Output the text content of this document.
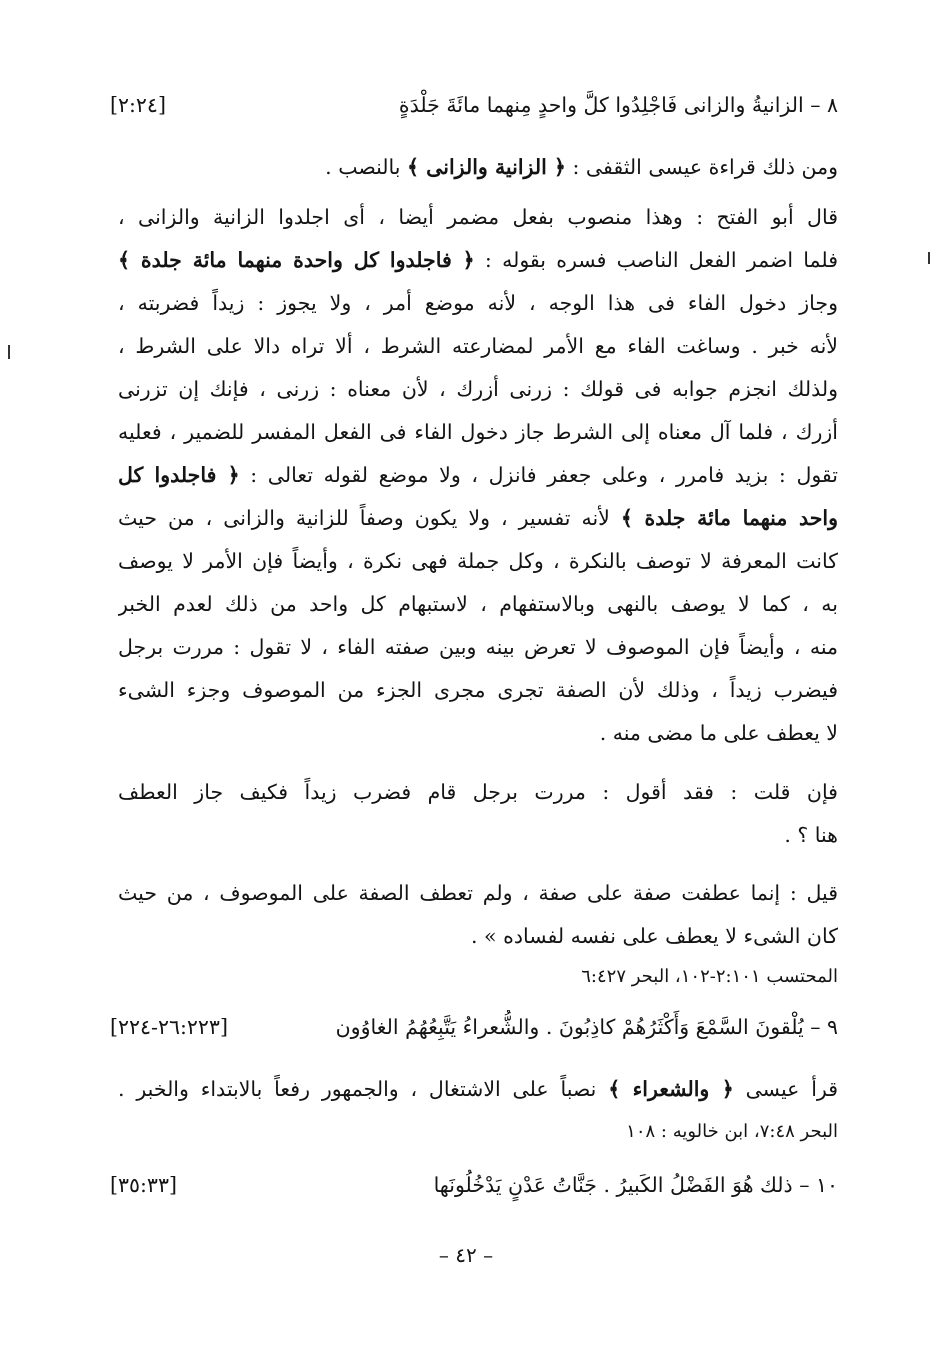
٨ – الزانيةُ والزانى فَاجْلِدُوا كلَّ واحدٍ مِنهما مائَةَ جَلْدَةٍ
[٢:٢٤]
ومن ذلك قراءة عيسى الثقفى : ﴿ الزانية والزانى ﴾ بالنصب .
قال أبو الفتح : وهذا منصوب بفعل مضمر أيضا ، أى اجلدوا الزانية والزانى ،
فلما اضمر الفعل الناصب فسره بقوله : ﴿ فاجلدوا كل واحدة منهما مائة جلدة ﴾
وجاز دخول الفاء فى هذا الوجه ، لأنه موضع أمر ، ولا يجوز : زيداً فضربته ،
لأنه خبر . وساغت الفاء مع الأمر لمضارعته الشرط ، ألا تراه دالا على الشرط ،
ولذلك انجزم جوابه فى قولك : زرنى أزرك ، لأن معناه : زرنى ، فإنك إن تزرنى
أزرك ، فلما آل معناه إلى الشرط جاز دخول الفاء فى الفعل المفسر للضمير ، فعليه
تقول : بزيد فامرر ، وعلى جعفر فانزل ، ولا موضع لقوله تعالى : ﴿ فاجلدوا كل
واحد منهما مائة جلدة ﴾ لأنه تفسير ، ولا يكون وصفاً للزانية والزانى ، من حيث
كانت المعرفة لا توصف بالنكرة ، وكل جملة فهى نكرة ، وأيضاً فإن الأمر لا يوصف
به ، كما لا يوصف بالنهى وبالاستفهام ، لاستبهام كل واحد من ذلك لعدم الخبر
منه ، وأيضاً فإن الموصوف لا تعرض بينه وبين صفته الفاء ، لا تقول : مررت برجل
فيضرب زيداً ، وذلك لأن الصفة تجرى مجرى الجزء من الموصوف وجزء الشىء
لا يعطف على ما مضى منه .
فإن قلت : فقد أقول : مررت برجل قام فضرب زيداً فكيف جاز العطف
هنا ؟ .
قيل : إنما عطفت صفة على صفة ، ولم تعطف الصفة على الموصوف ، من حيث
كان الشىء لا يعطف على نفسه لفساده » .
المحتسب ٢:١٠١-١٠٢، البحر ٦:٤٢٧
٩ – يُلْقونَ السَّمْعَ وَأَكْثَرُهُمْ كاذِبُونَ . والشُّعراءُ يَتَّبِعُهُمُ الغاوُون
[٢٦:٢٢٣-٢٢٤]
قرأ عيسى ﴿ والشعراء ﴾ نصباً على الاشتغال ، والجمهور رفعاً بالابتداء والخبر .
البحر ٧:٤٨، ابن خالويه : ١٠٨
١٠ – ذلك هُوَ الفَضْلُ الكَبيرُ . جَنَّاتُ عَدْنٍ يَدْخُلُونَها
[٣٥:٣٣]
– ٤٢ –
